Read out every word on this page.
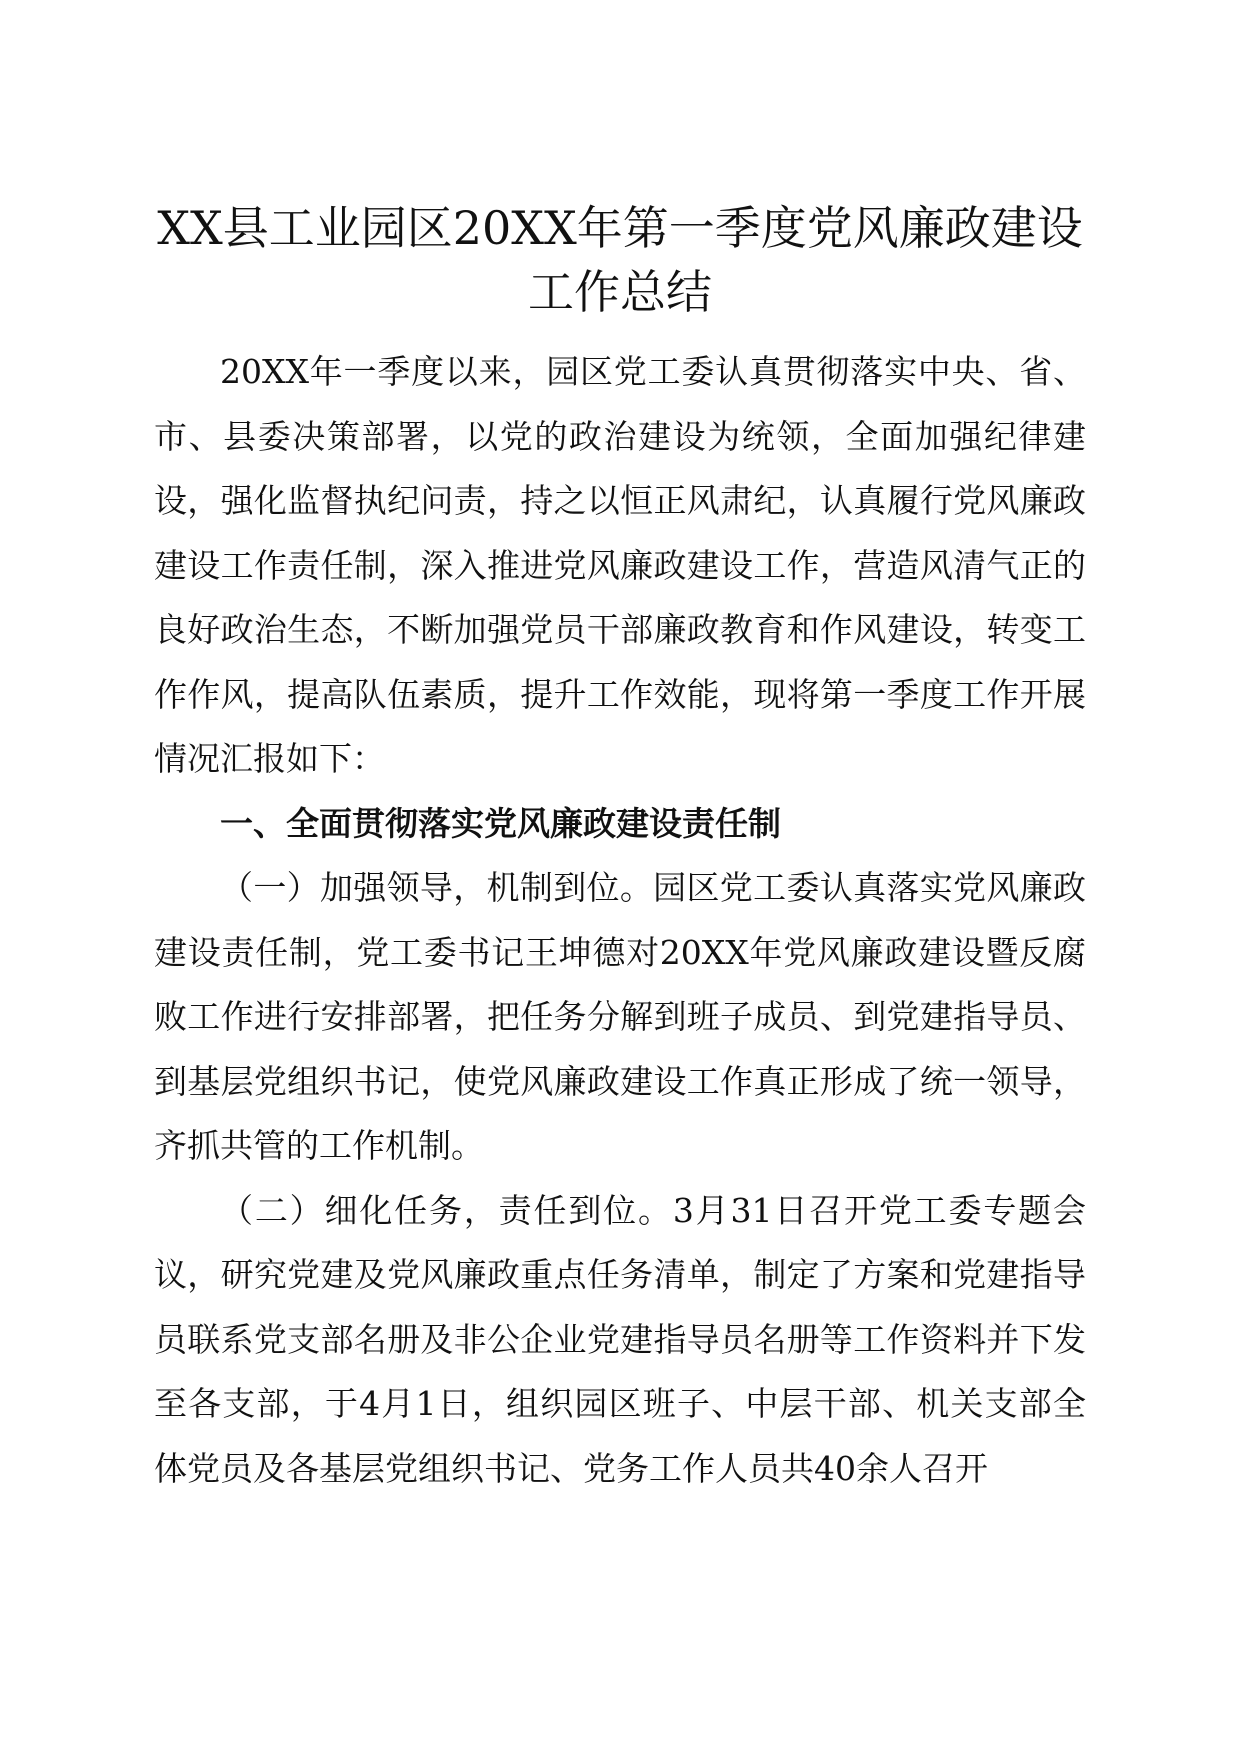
XX县工业园区20XX年第一季度党风廉政建设工作总结

20XX年一季度以来，园区党工委认真贯彻落实中央、省、市、县委决策部署，以党的政治建设为统领，全面加强纪律建设，强化监督执纪问责，持之以恒正风肃纪，认真履行党风廉政建设工作责任制，深入推进党风廉政建设工作，营造风清气正的良好政治生态，不断加强党员干部廉政教育和作风建设，转变工作作风，提高队伍素质，提升工作效能，现将第一季度工作开展情况汇报如下：

一、全面贯彻落实党风廉政建设责任制

（一）加强领导，机制到位。园区党工委认真落实党风廉政建设责任制，党工委书记王坤德对20XX年党风廉政建设暨反腐败工作进行安排部署，把任务分解到班子成员、到党建指导员、到基层党组织书记，使党风廉政建设工作真正形成了统一领导，齐抓共管的工作机制。

（二）细化任务，责任到位。3月31日召开党工委专题会议，研究党建及党风廉政重点任务清单，制定了方案和党建指导员联系党支部名册及非公企业党建指导员名册等工作资料并下发至各支部，于4月1日，组织园区班子、中层干部、机关支部全体党员及各基层党组织书记、党务工作人员共40余人召开
